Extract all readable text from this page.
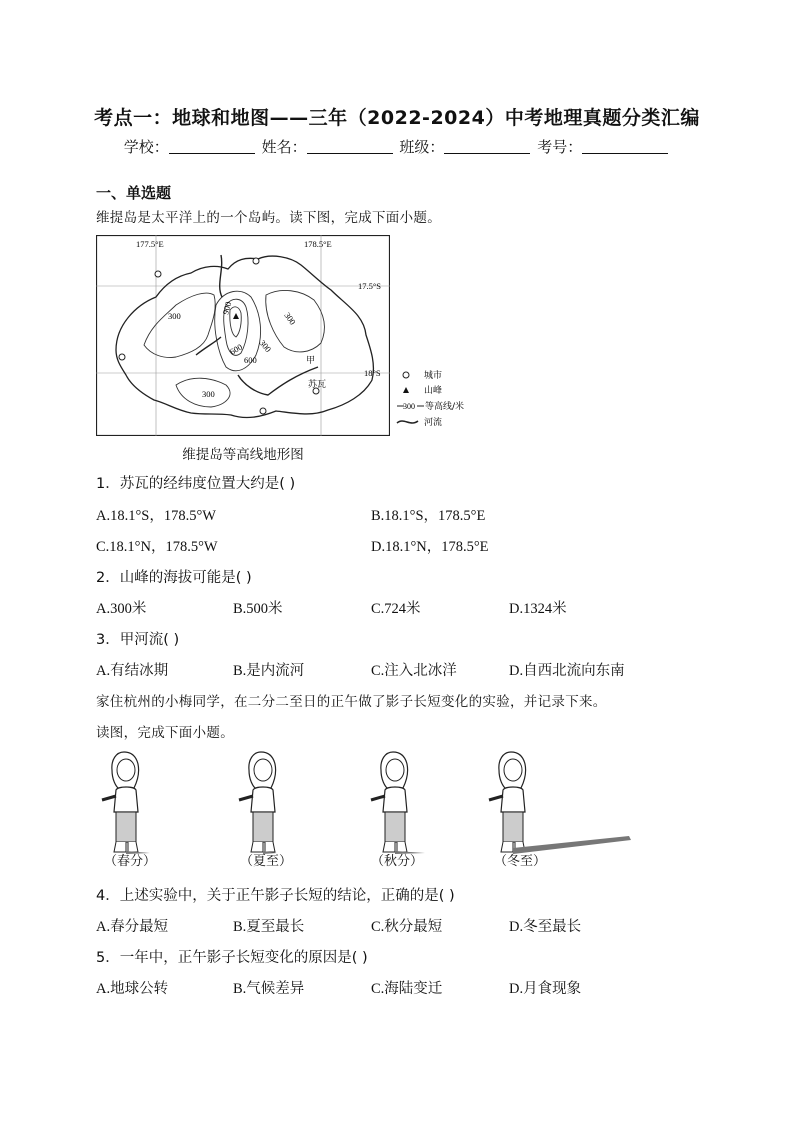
考点一：地球和地图——三年（2022-2024）中考地理真题分类汇编
学校：	姓名：	班级：	考号：
一、单选题
维提岛是太平洋上的一个岛屿。读下图，完成下面小题。
177.5°E	178.5°E
17.5°S
18°S
300	300
300
300
600
600
900
甲
苏瓦
维提岛等高线地形图
城市
山峰
300 等高线/米
河流
1．苏瓦的经纬度位置大约是( )
A.18.1°S，178.5°W	B.18.1°S，178.5°E
C.18.1°N，178.5°W	D.18.1°N，178.5°E
2．山峰的海拔可能是( )
A.300米	B.500米	C.724米	D.1324米
3．甲河流( )
A.有结冰期	B.是内流河	C.注入北冰洋	D.自西北流向东南
家住杭州的小梅同学，在二分二至日的正午做了影子长短变化的实验，并记录下来。
读图，完成下面小题。
（春分）	（夏至）	（秋分）	（冬至）
4．上述实验中，关于正午影子长短的结论，正确的是( )
A.春分最短	B.夏至最长	C.秋分最短	D.冬至最长
5．一年中，正午影子长短变化的原因是( )
A.地球公转	B.气候差异	C.海陆变迁	D.月食现象
